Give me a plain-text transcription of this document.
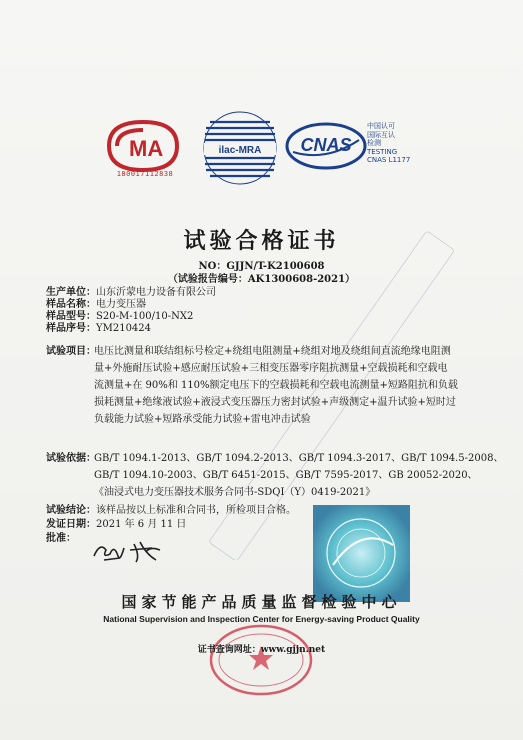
MA
180017112838
ilac-MRA CNAS
中国认可
国际互认
检测
TESTING
CNAS L1177
试验合格证书
NO：GJJN/T-K2100608
（试验报告编号：AK1300608-2021）
生产单位：山东沂蒙电力设备有限公司
样品名称：电力变压器
样品型号：S20-M-100/10-NX2
样品序号：YM210424
试验项目：
电压比测量和联结组标号检定+绕组电阻测量+绕组对地及绕组间直流绝缘电阻测
量+外施耐压试验+感应耐压试验+三相变压器零序阻抗测量+空载损耗和空载电
流测量+在 90%和 110%额定电压下的空载损耗和空载电流测量+短路阻抗和负载
损耗测量+绝缘液试验+液浸式变压器压力密封试验+声级测定+温升试验+短时过
负载能力试验+短路承受能力试验+雷电冲击试验
试验依据：
GB/T 1094.1-2013、GB/T 1094.2-2013、GB/T 1094.3-2017、GB/T 1094.5-2008、
GB/T 1094.10-2003、GB/T 6451-2015、GB/T 7595-2017、GB 20052-2020、
《油浸式电力变压器技术服务合同书-SDQI（Y）0419-2021》
试验结论：该样品按以上标准和合同书，所检项目合格。
发证日期：2021 年 6 月 11 日
批准：
国家节能产品质量监督检验中心
National Supervision and Inspection Center for Energy-saving Product Quality
证书查询网址：www.gjjn.net
